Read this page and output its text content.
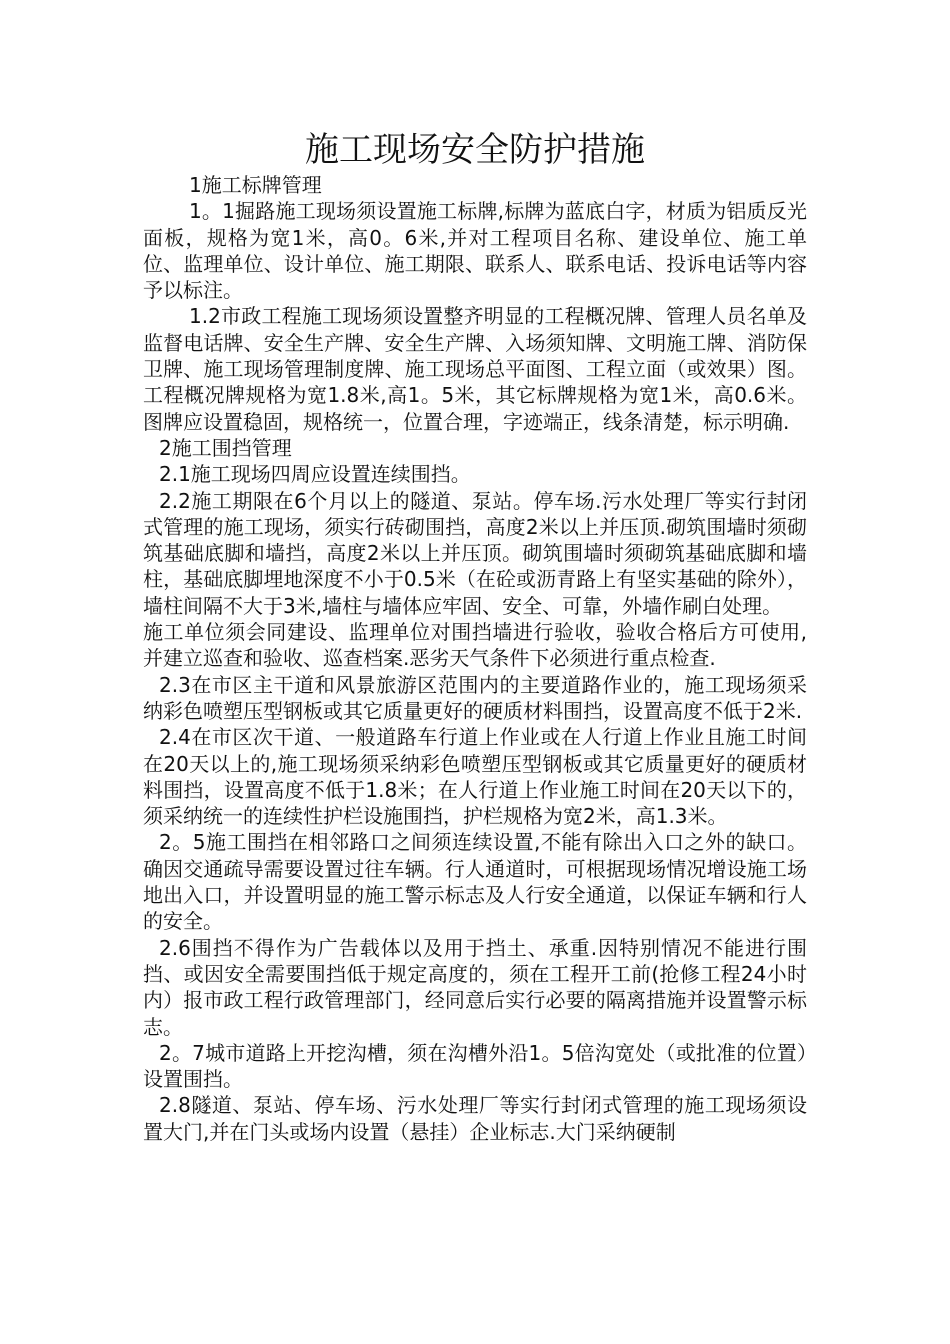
施工现场安全防护措施

1施工标牌管理

1。1掘路施工现场须设置施工标牌,标牌为蓝底白字，材质为铝质反光面板，规格为宽1米，高0。6米,并对工程项目名称、建设单位、施工单位、监理单位、设计单位、施工期限、联系人、联系电话、投诉电话等内容予以标注。

1.2市政工程施工现场须设置整齐明显的工程概况牌、管理人员名单及监督电话牌、安全生产牌、安全生产牌、入场须知牌、文明施工牌、消防保卫牌、施工现场管理制度牌、施工现场总平面图、工程立面（或效果）图。工程概况牌规格为宽1.8米,高1。5米，其它标牌规格为宽1米，高0.6米。图牌应设置稳固，规格统一，位置合理，字迹端正，线条清楚，标示明确.

2施工围挡管理

2.1施工现场四周应设置连续围挡。

2.2施工期限在6个月以上的隧道、泵站。停车场.污水处理厂等实行封闭式管理的施工现场，须实行砖砌围挡，高度2米以上并压顶.砌筑围墙时须砌筑基础底脚和墙挡，高度2米以上并压顶。砌筑围墙时须砌筑基础底脚和墙柱，基础底脚埋地深度不小于0.5米（在砼或沥青路上有坚实基础的除外），墙柱间隔不大于3米,墙柱与墙体应牢固、安全、可靠，外墙作刷白处理。

施工单位须会同建设、监理单位对围挡墙进行验收，验收合格后方可使用,并建立巡查和验收、巡查档案.恶劣天气条件下必须进行重点检查.

2.3在市区主干道和风景旅游区范围内的主要道路作业的，施工现场须采纳彩色喷塑压型钢板或其它质量更好的硬质材料围挡，设置高度不低于2米.

2.4在市区次干道、一般道路车行道上作业或在人行道上作业且施工时间在20天以上的,施工现场须采纳彩色喷塑压型钢板或其它质量更好的硬质材料围挡，设置高度不低于1.8米；在人行道上作业施工时间在20天以下的，须采纳统一的连续性护栏设施围挡，护栏规格为宽2米，高1.3米。

2。5施工围挡在相邻路口之间须连续设置,不能有除出入口之外的缺口。确因交通疏导需要设置过往车辆。行人通道时，可根据现场情况增设施工场地出入口，并设置明显的施工警示标志及人行安全通道，以保证车辆和行人的安全。

2.6围挡不得作为广告载体以及用于挡土、承重.因特别情况不能进行围挡、或因安全需要围挡低于规定高度的，须在工程开工前(抢修工程24小时内）报市政工程行政管理部门，经同意后实行必要的隔离措施并设置警示标志。

2。7城市道路上开挖沟槽，须在沟槽外沿1。5倍沟宽处（或批准的位置）设置围挡。

2.8隧道、泵站、停车场、污水处理厂等实行封闭式管理的施工现场须设置大门,并在门头或场内设置（悬挂）企业标志.大门采纳硬制
